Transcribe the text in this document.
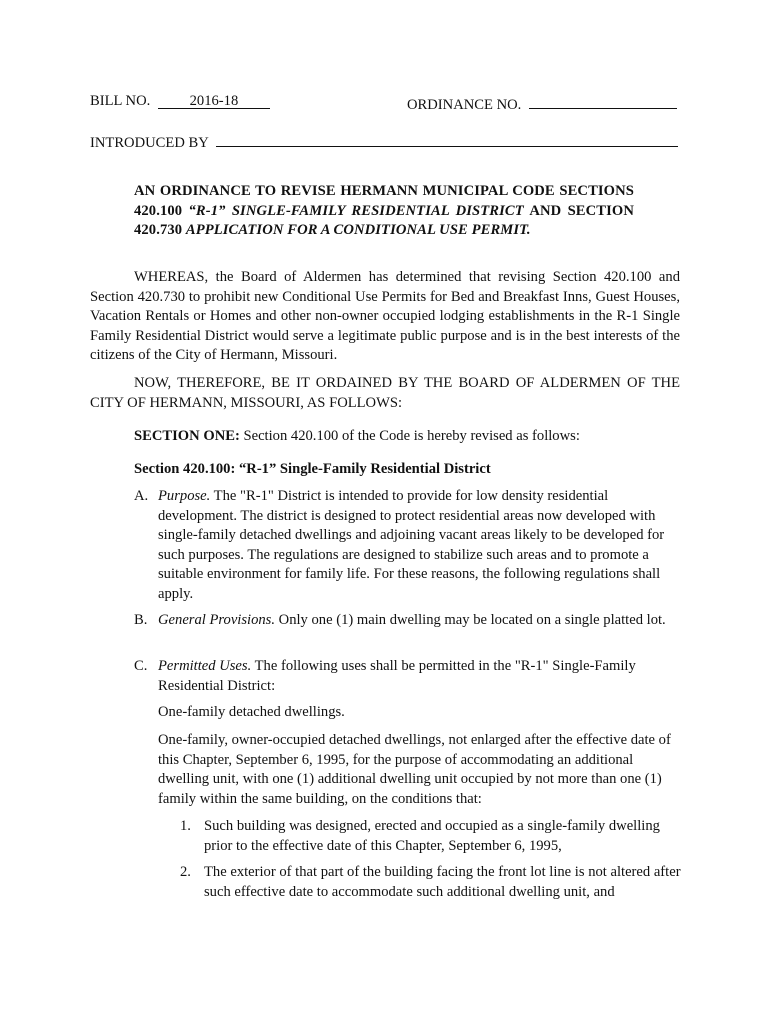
BILL NO.	2016-18	ORDINANCE NO.
INTRODUCED BY
AN ORDINANCE TO REVISE HERMANN MUNICIPAL CODE SECTIONS 420.100 “R-1” SINGLE-FAMILY RESIDENTIAL DISTRICT AND SECTION 420.730 APPLICATION FOR A CONDITIONAL USE PERMIT.
WHEREAS, the Board of Aldermen has determined that revising Section 420.100 and Section 420.730 to prohibit new Conditional Use Permits for Bed and Breakfast Inns, Guest Houses, Vacation Rentals or Homes and other non-owner occupied lodging establishments in the R-1 Single Family Residential District would serve a legitimate public purpose and is in the best interests of the citizens of the City of Hermann, Missouri.
NOW, THEREFORE, BE IT ORDAINED BY THE BOARD OF ALDERMEN OF THE CITY OF HERMANN, MISSOURI, AS FOLLOWS:
SECTION ONE: Section 420.100 of the Code is hereby revised as follows:
Section 420.100: “R-1” Single-Family Residential District
A. Purpose. The "R-1" District is intended to provide for low density residential development. The district is designed to protect residential areas now developed with single-family detached dwellings and adjoining vacant areas likely to be developed for such purposes. The regulations are designed to stabilize such areas and to promote a suitable environment for family life. For these reasons, the following regulations shall apply.
B. General Provisions. Only one (1) main dwelling may be located on a single platted lot.
C. Permitted Uses. The following uses shall be permitted in the "R-1" Single-Family Residential District:
One-family detached dwellings.
One-family, owner-occupied detached dwellings, not enlarged after the effective date of this Chapter, September 6, 1995, for the purpose of accommodating an additional dwelling unit, with one (1) additional dwelling unit occupied by not more than one (1) family within the same building, on the conditions that:
1. Such building was designed, erected and occupied as a single-family dwelling prior to the effective date of this Chapter, September 6, 1995,
2. The exterior of that part of the building facing the front lot line is not altered after such effective date to accommodate such additional dwelling unit, and
